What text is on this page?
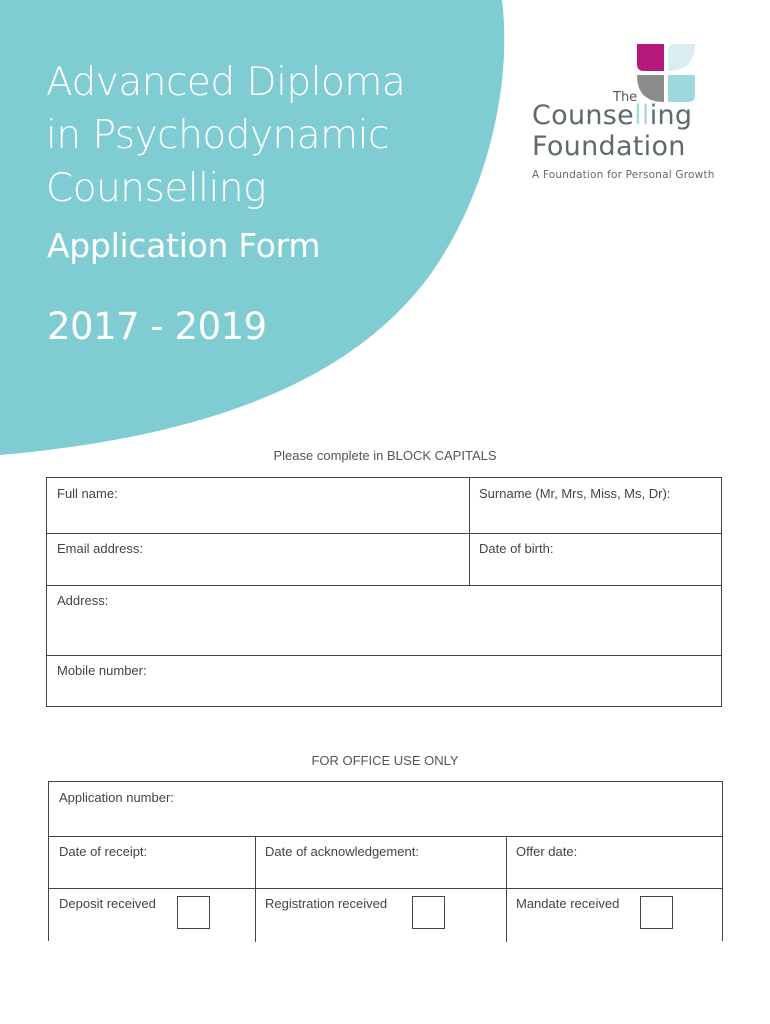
Advanced Diploma
in Psychodynamic
Counselling
Application Form
2017 - 2019
The
Counselling
Foundation
A Foundation for Personal Growth
Please complete in BLOCK CAPITALS
Full name:	Surname (Mr, Mrs, Miss, Ms, Dr):
Email address:	Date of birth:
Address:
Mobile number:
FOR OFFICE USE ONLY
Application number:
Date of receipt:	Date of acknowledgement:	Offer date:
Deposit received	Registration received	Mandate received
